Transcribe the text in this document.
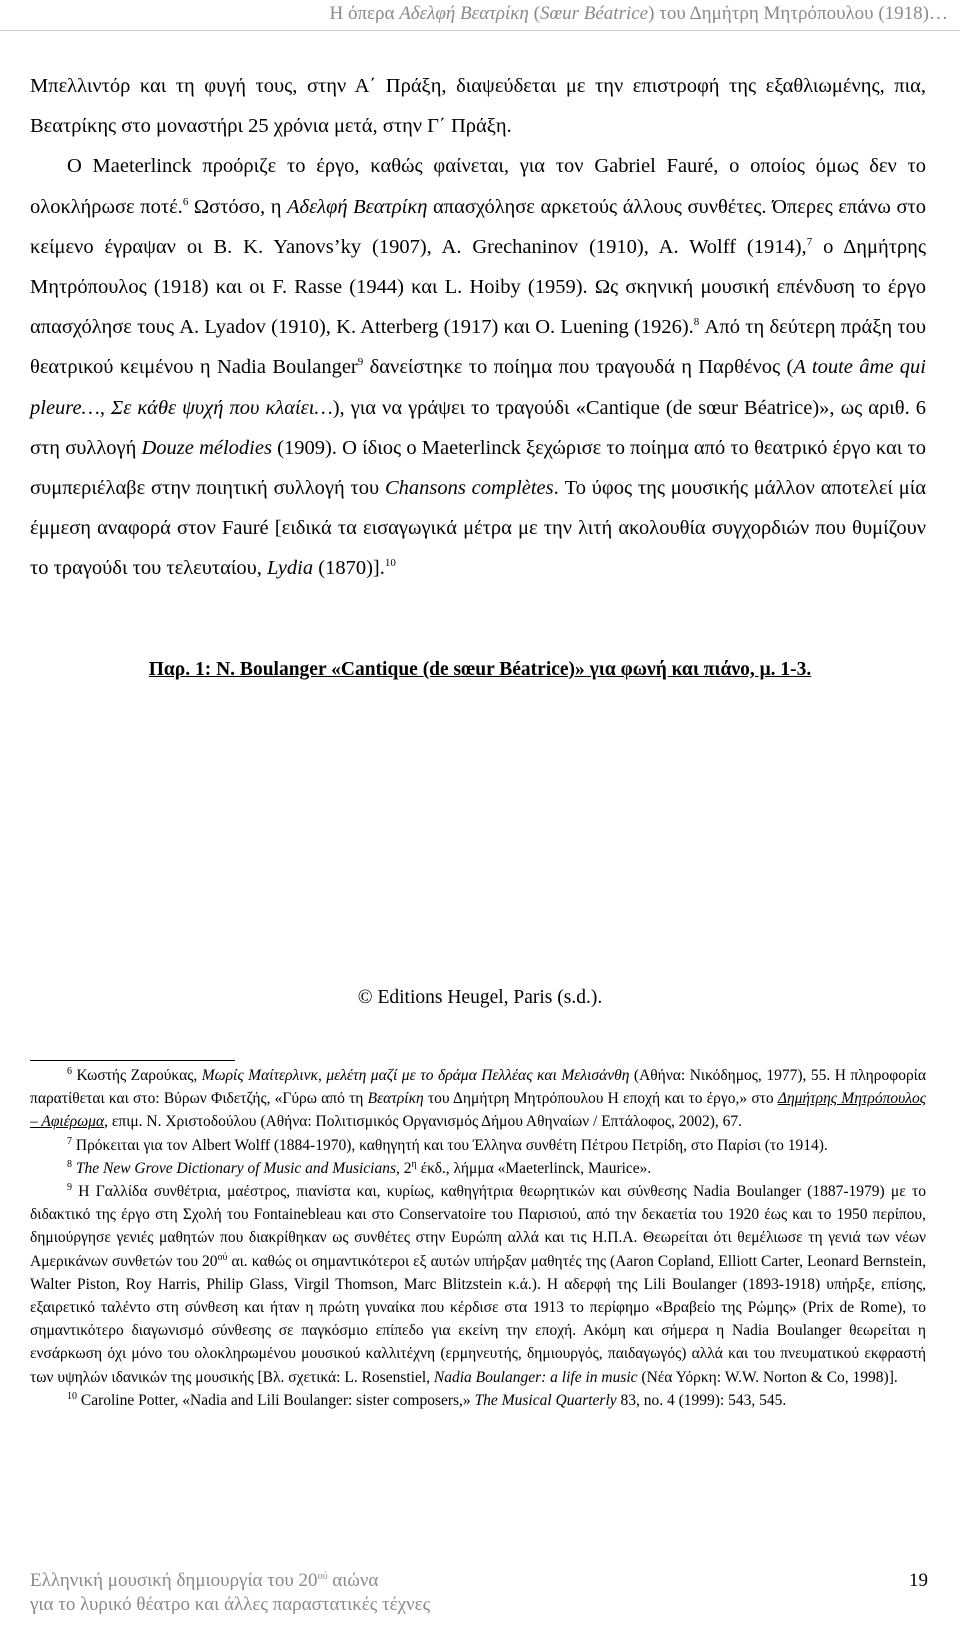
Η όπερα Αδελφή Βεατρίκη (Sœur Béatrice) του Δημήτρη Μητρόπουλου (1918)…

Μπελλιντόρ και τη φυγή τους, στην Α΄ Πράξη, διαψεύδεται με την επιστροφή της εξαθλιωμένης, πια, Βεατρίκης στο μοναστήρι 25 χρόνια μετά, στην Γ΄ Πράξη.

Ο Maeterlinck προόριζε το έργο, καθώς φαίνεται, για τον Gabriel Fauré, ο οποίος όμως δεν το ολοκλήρωσε ποτέ.$^6$ Ωστόσο, η Αδελφή Βεατρίκη απασχόλησε αρκετούς άλλους συνθέτες. Όπερες επάνω στο κείμενο έγραψαν οι B. K. Yanovs’ky (1907), A. Grechaninov (1910), A. Wolff (1914),$^7$ ο Δημήτρης Μητρόπουλος (1918) και οι F. Rasse (1944) και L. Hoiby (1959). Ως σκηνική μουσική επένδυση το έργο απασχόλησε τους A. Lyadov (1910), K. Atterberg (1917) και O. Luening (1926).$^8$ Από τη δεύτερη πράξη του θεατρικού κειμένου η Nadia Boulanger$^9$ δανείστηκε το ποίημα που τραγουδά η Παρθένος (A toute âme qui pleure…, Σε κάθε ψυχή που κλαίει…), για να γράψει το τραγούδι «Cantique (de sœur Béatrice)», ως αριθ. 6 στη συλλογή Douze mélodies (1909). Ο ίδιος ο Maeterlinck ξεχώρισε το ποίημα από το θεατρικό έργο και το συμπεριέλαβε στην ποιητική συλλογή του Chansons complètes. Το ύφος της μουσικής μάλλον αποτελεί μία έμμεση αναφορά στον Fauré [ειδικά τα εισαγωγικά μέτρα με την λιτή ακολουθία συγχορδιών που θυμίζουν το τραγούδι του τελευταίου, Lydia (1870)].$^{10}$

Παρ. 1: N. Boulanger «Cantique (de sœur Béatrice)» για φωνή και πιάνο, μ. 1-3.
© Editions Heugel, Paris (s.d.).

$^6$ Κωστής Ζαρούκας, Μωρίς Μαίτερλινκ, μελέτη μαζί με το δράμα Πελλέας και Μελισάνθη (Αθήνα: Νικόδημος, 1977), 55. Η πληροφορία παρατίθεται και στο: Βύρων Φιδετζής, «Γύρω από τη Βεατρίκη του Δημήτρη Μητρόπουλου Η εποχή και το έργο,» στο Δημήτρης Μητρόπουλος – Αφιέρωμα, επιμ. Ν. Χριστοδούλου (Αθήνα: Πολιτισμικός Οργανισμός Δήμου Αθηναίων / Επτάλοφος, 2002), 67.

$^7$ Πρόκειται για τον Albert Wolff (1884-1970), καθηγητή και του Έλληνα συνθέτη Πέτρου Πετρίδη, στο Παρίσι (το 1914).

$^8$ The New Grove Dictionary of Music and Musicians, $2^\eta$ έκδ., λήμμα «Maeterlinck, Maurice».

$^9$ Η Γαλλίδα συνθέτρια, μαέστρος, πιανίστα και, κυρίως, καθηγήτρια θεωρητικών και σύνθεσης Nadia Boulanger (1887-1979) με το διδακτικό της έργο στη Σχολή του Fontainebleau και στο Conservatoire του Παρισιού, από την δεκαετία του 1920 έως και το 1950 περίπου, δημιούργησε γενιές μαθητών που διακρίθηκαν ως συνθέτες στην Ευρώπη αλλά και τις Η.Π.Α. Θεωρείται ότι θεμέλιωσε τη γενιά των νέων Αμερικάνων συνθετών του $20^{oύ}$ αι. καθώς οι σημαντικότεροι εξ αυτών υπήρξαν μαθητές της (Aaron Copland, Elliott Carter, Leonard Bernstein, Walter Piston, Roy Harris, Philip Glass, Virgil Thomson, Marc Blitzstein κ.ά.). Η αδερφή της Lili Boulanger (1893-1918) υπήρξε, επίσης, εξαιρετικό ταλέντο στη σύνθεση και ήταν η πρώτη γυναίκα που κέρδισε στα 1913 το περίφημο «Βραβείο της Ρώμης» (Prix de Rome), το σημαντικότερο διαγωνισμό σύνθεσης σε παγκόσμιο επίπεδο για εκείνη την εποχή. Ακόμη και σήμερα η Nadia Boulanger θεωρείται η ενσάρκωση όχι μόνο του ολοκληρωμένου μουσικού καλλιτέχνη (ερμηνευτής, δημιουργός, παιδαγωγός) αλλά και του πνευματικού εκφραστή των υψηλών ιδανικών της μουσικής [Βλ. σχετικά: L. Rosenstiel, Nadia Boulanger: a life in music (Νέα Υόρκη: W.W. Norton & Co, 1998)].

$^{10}$ Caroline Potter, «Nadia and Lili Boulanger: sister composers,» The Musical Quarterly 83, no. 4 (1999): 543, 545.

Ελληνική μουσική δημιουργία του $20^{oύ}$ αιώνα
για το λυρικό θέατρο και άλλες παραστατικές τέχνες
19
